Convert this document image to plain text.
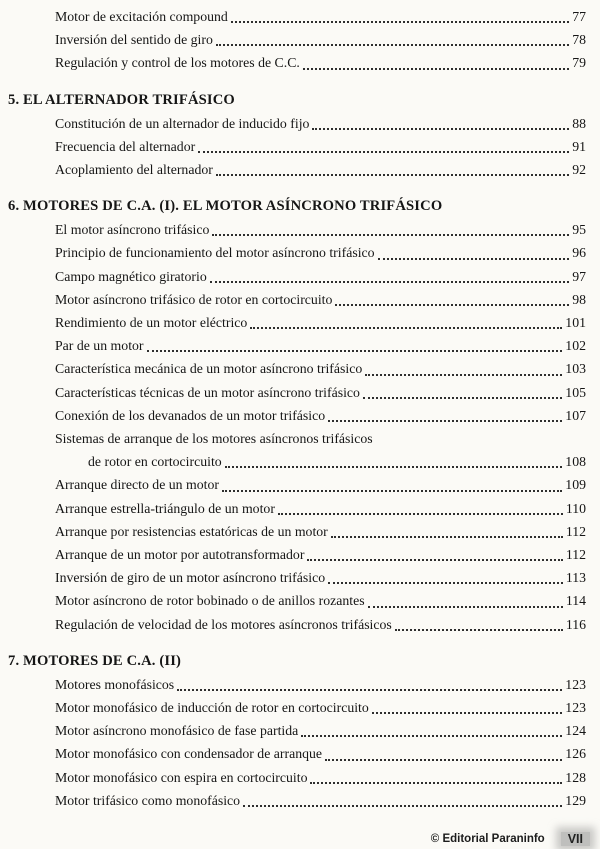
Motor de excitación compound	77
Inversión del sentido de giro	78
Regulación y control de los motores de C.C.	79
5. EL ALTERNADOR TRIFÁSICO
Constitución de un alternador de inducido fijo	88
Frecuencia del alternador	91
Acoplamiento del alternador	92
6. MOTORES DE C.A. (I). EL MOTOR ASÍNCRONO TRIFÁSICO
El motor asíncrono trifásico	95
Principio de funcionamiento del motor asíncrono trifásico	96
Campo magnético giratorio	97
Motor asíncrono trifásico de rotor en cortocircuito	98
Rendimiento de un motor eléctrico	101
Par de un motor	102
Característica mecánica de un motor asíncrono trifásico	103
Características técnicas de un motor asíncrono trifásico	105
Conexión de los devanados de un motor trifásico	107
Sistemas de arranque de los motores asíncronos trifásicos
de rotor en cortocircuito	108
Arranque directo de un motor	109
Arranque estrella-triángulo de un motor	110
Arranque por resistencias estatóricas de un motor	112
Arranque de un motor por autotransformador	112
Inversión de giro de un motor asíncrono trifásico	113
Motor asíncrono de rotor bobinado o de anillos rozantes	114
Regulación de velocidad de los motores asíncronos trifásicos	116
7. MOTORES DE C.A. (II)
Motores monofásicos	123
Motor monofásico de inducción de rotor en cortocircuito	123
Motor asíncrono monofásico de fase partida	124
Motor monofásico con condensador de arranque	126
Motor monofásico con espira en cortocircuito	128
Motor trifásico como monofásico	129
© Editorial Paraninfo	VII
